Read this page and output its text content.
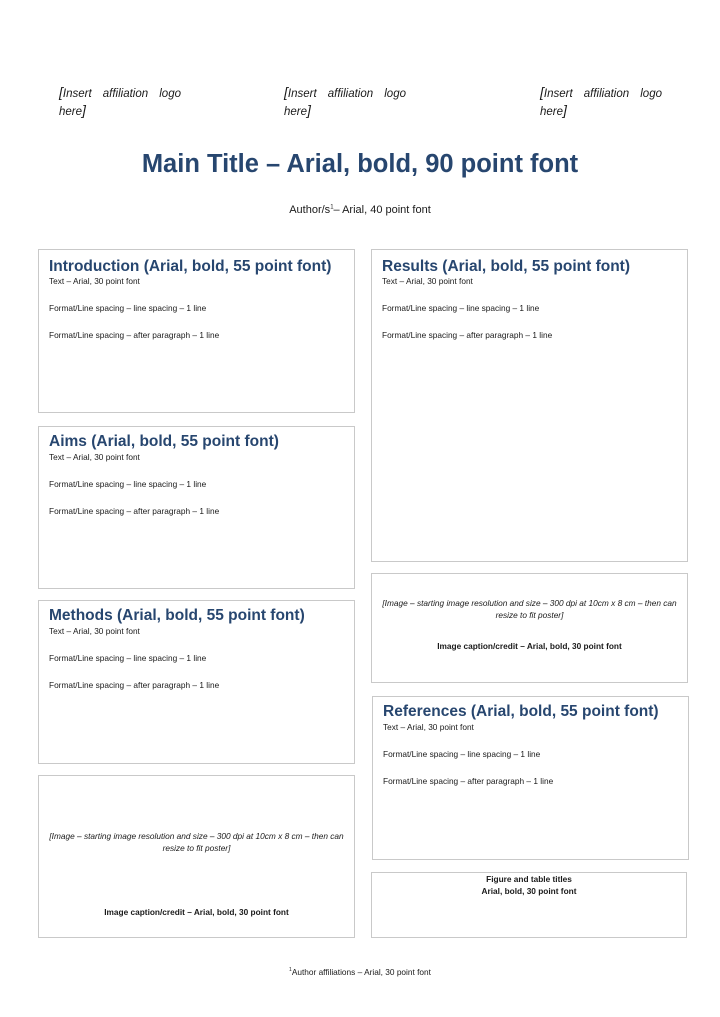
[Insert affiliation logo here]
[Insert affiliation logo here]
[Insert affiliation logo here]
Main Title – Arial, bold, 90 point font
Author/$s^1-$ Arial, 40 point font
Introduction (Arial, bold, 55 point font)

Text – Arial, 30 point font

Format/Line spacing – line spacing – 1 line

Format/Line spacing – after paragraph – 1 line

Aims (Arial, bold, 55 point font)

Text – Arial, 30 point font

Format/Line spacing – line spacing – 1 line

Format/Line spacing – after paragraph – 1 line

Methods (Arial, bold, 55 point font)

Text – Arial, 30 point font

Format/Line spacing – line spacing – 1 line

Format/Line spacing – after paragraph – 1 line

[Image – starting image resolution and size – 300 dpi at 10cm x 8 cm – then can resize to fit poster]
Image caption/credit – Arial, bold, 30 point font
Results (Arial, bold, 55 point font)

Text – Arial, 30 point font

Format/Line spacing – line spacing – 1 line

Format/Line spacing – after paragraph – 1 line

[Image – starting image resolution and size – 300 dpi at 10cm x 8 cm – then can resize to fit poster]
Image caption/credit – Arial, bold, 30 point font
References (Arial, bold, 55 point font)

Text – Arial, 30 point font

Format/Line spacing – line spacing – 1 line

Format/Line spacing – after paragraph – 1 line

Figure and table titles
Arial, bold, 30 point font
$^1$Author affiliations – Arial, 30 point font
